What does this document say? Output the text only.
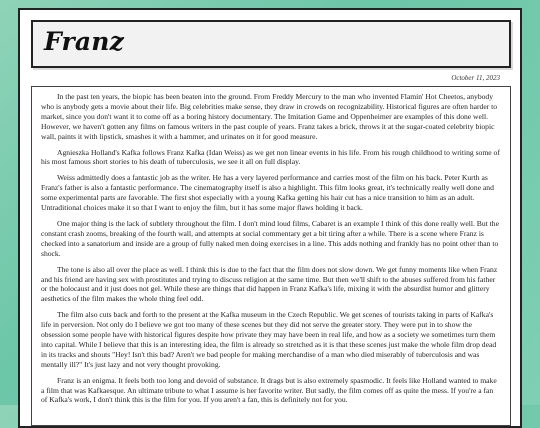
Franz
October 11, 2023

In the past ten years, the biopic has been beaten into the ground. From Freddy Mercury to the man who invented Flamin' Hot Cheetos, anybody who is anybody gets a movie about their life. Big celebrities make sense, they draw in crowds on recognizability. Historical figures are often harder to market, since you don't want it to come off as a boring history documentary. The Imitation Game and Oppenheimer are examples of this done well. However, we haven't gotten any films on famous writers in the past couple of years. Franz takes a brick, throws it at the sugar-coated celebrity biopic wall, paints it with lipstick, smashes it with a hammer, and urinates on it for good measure.

Agnieszka Holland's Kafka follows Franz Kafka (Idan Weiss) as we get non linear events in his life. From his rough childhood to writing some of his most famous short stories to his death of tuberculosis, we see it all on full display.

Weiss admittedly does a fantastic job as the writer. He has a very layered performance and carries most of the film on his back. Peter Kurth as Franz's father is also a fantastic performance. The cinematography itself is also a highlight. This film looks great, it's technically really well done and some experimental parts are favorable. The first shot especially with a young Kafka getting his hair cut has a nice transition to him as an adult. Untraditional choices make it so that I want to enjoy the film, but it has some major flaws holding it back.

One major thing is the lack of subtlety throughout the film. I don't mind loud films, Cabaret is an example I think of this done really well. But the constant crash zooms, breaking of the fourth wall, and attempts at social commentary get a bit tiring after a while. There is a scene where Franz is checked into a sanatorium and inside are a group of fully naked men doing exercises in a line. This adds nothing and frankly has no point other than to shock.

The tone is also all over the place as well. I think this is due to the fact that the film does not slow down. We get funny moments like when Franz and his friend are having sex with prostitutes and trying to discuss religion at the same time. But then we'll shift to the abuses suffered from his father or the holocaust and it just does not gel. While these are things that did happen in Franz Kafka's life, mixing it with the absurdist humor and glittery aesthetics of the film makes the whole thing feel odd.

The film also cuts back and forth to the present at the Kafka museum in the Czech Republic. We get scenes of tourists taking in parts of Kafka's life in perversion. Not only do I believe we got too many of these scenes but they did not serve the greater story. They were put in to show the obsession some people have with historical figures despite how private they may have been in real life, and how as a society we sometimes turn them into capital. While I believe that this is an interesting idea, the film is already so stretched as it is that these scenes just make the whole film drop dead in its tracks and shouts "Hey! Isn't this bad? Aren't we bad people for making merchandise of a man who died miserably of tuberculosis and was mentally ill?" It's just lazy and not very thought provoking.

Franz is an enigma. It feels both too long and devoid of substance. It drags but is also extremely spasmodic. It feels like Holland wanted to make a film that was Kafkaesque. An ultimate tribute to what I assume is her favorite writer. But sadly, the film comes off as quite the mess. If you're a fan of Kafka's work, I don't think this is the film for you. If you aren't a fan, this is definitely not for you.
